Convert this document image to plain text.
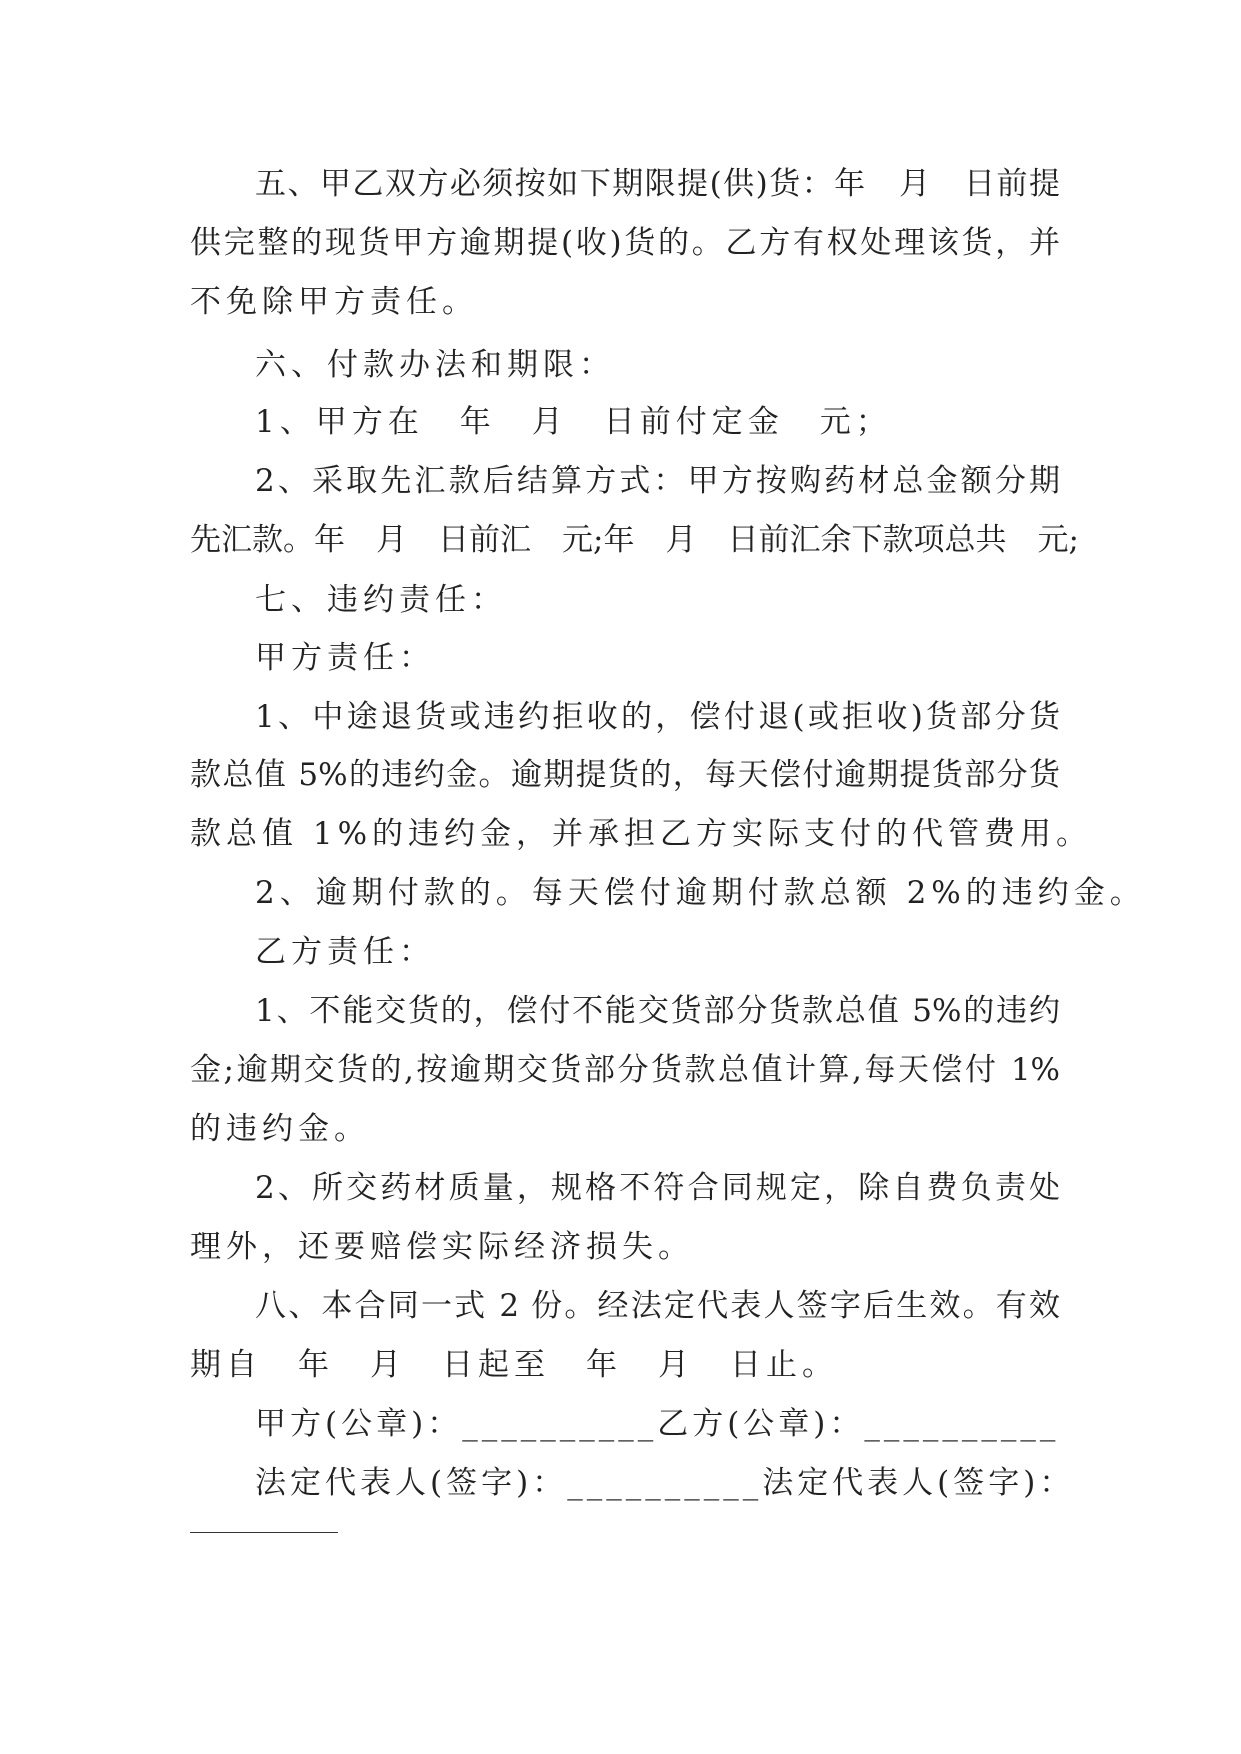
五、甲乙双方必须按如下期限提(供)货：年　月　日前提
供完整的现货甲方逾期提(收)货的。乙方有权处理该货，并
不免除甲方责任。
六、付款办法和期限：
1、甲方在　年　月　日前付定金　元；
2、采取先汇款后结算方式：甲方按购药材总金额分期
先汇款。年　月　日前汇　元;年　月　日前汇余下款项总共　元;
七、违约责任：
甲方责任：
1、中途退货或违约拒收的，偿付退(或拒收)货部分货
款总值 5%的违约金。逾期提货的，每天偿付逾期提货部分货
款总值 1%的违约金，并承担乙方实际支付的代管费用。
2、逾期付款的。每天偿付逾期付款总额 2%的违约金。
乙方责任：
1、不能交货的，偿付不能交货部分货款总值 5%的违约
金;逾期交货的,按逾期交货部分货款总值计算,每天偿付 1%
的违约金。
2、所交药材质量，规格不符合同规定，除自费负责处
理外，还要赔偿实际经济损失。
八、本合同一式 2 份。经法定代表人签字后生效。有效
期自　年　月　日起至　年　月　日止。
甲方(公章)：__________乙方(公章)：__________
法定代表人(签字)：__________法定代表人(签字)：
